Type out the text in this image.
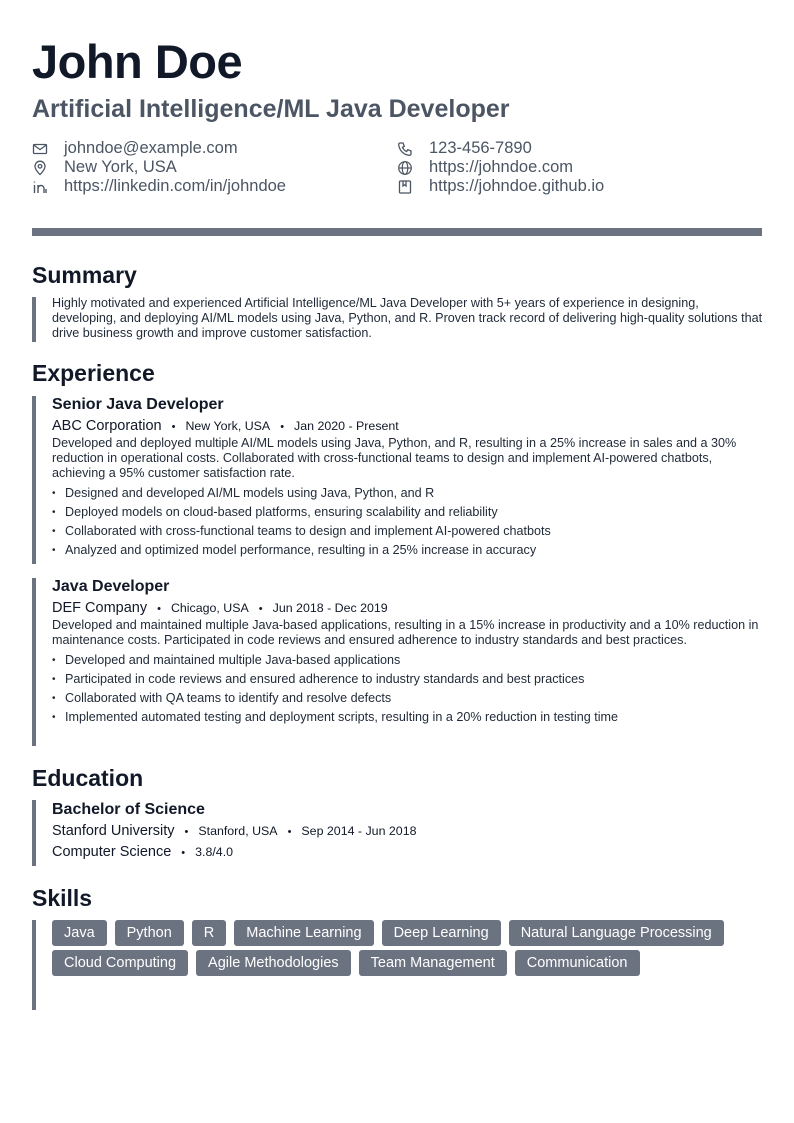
John Doe
Artificial Intelligence/ML Java Developer
johndoe@example.com	123-456-7890
New York, USA	https://johndoe.com
https://linkedin.com/in/johndoe	https://johndoe.github.io
Summary

Highly motivated and experienced Artificial Intelligence/ML Java Developer with 5+ years of experience in designing, developing, and deploying AI/ML models using Java, Python, and R. Proven track record of delivering high-quality solutions that drive business growth and improve customer satisfaction.

Experience
Senior Java Developer
ABC Corporation • New York, USA • Jan 2020 - Present

Developed and deployed multiple AI/ML models using Java, Python, and R, resulting in a 25% increase in sales and a 30% reduction in operational costs. Collaborated with cross-functional teams to design and implement AI-powered chatbots, achieving a 95% customer satisfaction rate.

• Designed and developed AI/ML models using Java, Python, and R
• Deployed models on cloud-based platforms, ensuring scalability and reliability
• Collaborated with cross-functional teams to design and implement AI-powered chatbots
• Analyzed and optimized model performance, resulting in a 25% increase in accuracy
Java Developer
DEF Company • Chicago, USA • Jun 2018 - Dec 2019

Developed and maintained multiple Java-based applications, resulting in a 15% increase in productivity and a 10% reduction in maintenance costs. Participated in code reviews and ensured adherence to industry standards and best practices.

• Developed and maintained multiple Java-based applications
• Participated in code reviews and ensured adherence to industry standards and best practices
• Collaborated with QA teams to identify and resolve defects
• Implemented automated testing and deployment scripts, resulting in a 20% reduction in testing time
Education
Bachelor of Science
Stanford University • Stanford, USA • Sep 2014 - Jun 2018
Computer Science • 3.8/4.0
Skills
Java	Python	R	Machine Learning	Deep Learning	Natural Language Processing
Cloud Computing	Agile Methodologies	Team Management	Communication
